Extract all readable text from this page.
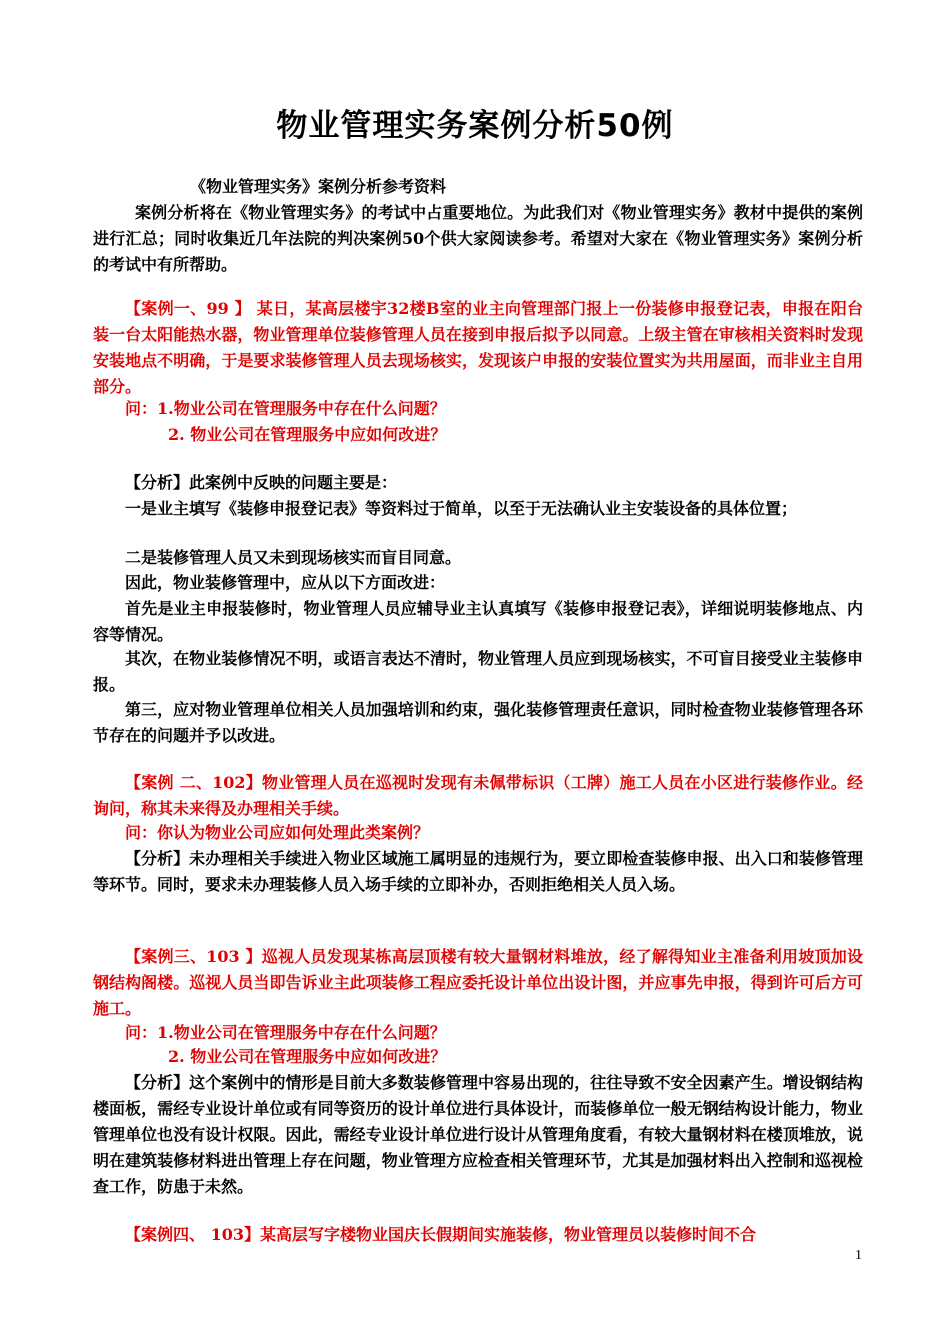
物业管理实务案例分析50例

《物业管理实务》案例分析参考资料

案例分析将在《物业管理实务》的考试中占重要地位。为此我们对《物业管理实务》教材中提供的案例进行汇总；同时收集近几年法院的判决案例50个供大家阅读参考。希望对大家在《物业管理实务》案例分析的考试中有所帮助。

【案例一、99 】 某日，某高层楼宇32楼B室的业主向管理部门报上一份装修申报登记表，申报在阳台装一台太阳能热水器，物业管理单位装修管理人员在接到申报后拟予以同意。上级主管在审核相关资料时发现安装地点不明确，于是要求装修管理人员去现场核实，发现该户申报的安装位置实为共用屋面，而非业主自用部分。

问：1.物业公司在管理服务中存在什么问题？

2. 物业公司在管理服务中应如何改进？

【分析】此案例中反映的问题主要是：

一是业主填写《装修申报登记表》等资料过于简单，以至于无法确认业主安装设备的具体位置；

二是装修管理人员又未到现场核实而盲目同意。

因此，物业装修管理中，应从以下方面改进：

首先是业主申报装修时，物业管理人员应辅导业主认真填写《装修申报登记表》，详细说明装修地点、内容等情况。

其次，在物业装修情况不明，或语言表达不清时，物业管理人员应到现场核实，不可盲目接受业主装修申报。

第三，应对物业管理单位相关人员加强培训和约束，强化装修管理责任意识，同时检查物业装修管理各环节存在的问题并予以改进。

【案例 二、102】物业管理人员在巡视时发现有未佩带标识（工牌）施工人员在小区进行装修作业。经询问，称其未来得及办理相关手续。

问：你认为物业公司应如何处理此类案例？

【分析】未办理相关手续进入物业区域施工属明显的违规行为，要立即检查装修申报、出入口和装修管理等环节。同时，要求未办理装修人员入场手续的立即补办，否则拒绝相关人员入场。

【案例三、103 】巡视人员发现某栋高层顶楼有较大量钢材料堆放，经了解得知业主准备利用坡顶加设钢结构阁楼。巡视人员当即告诉业主此项装修工程应委托设计单位出设计图，并应事先申报，得到许可后方可施工。

问：1.物业公司在管理服务中存在什么问题？

2. 物业公司在管理服务中应如何改进？

【分析】这个案例中的情形是目前大多数装修管理中容易出现的，往往导致不安全因素产生。增设钢结构楼面板，需经专业设计单位或有同等资历的设计单位进行具体设计，而装修单位一般无钢结构设计能力，物业管理单位也没有设计权限。因此，需经专业设计单位进行设计从管理角度看，有较大量钢材料在楼顶堆放，说明在建筑装修材料进出管理上存在问题，物业管理方应检查相关管理环节，尤其是加强材料出入控制和巡视检查工作，防患于未然。

【案例四、 103】某高层写字楼物业国庆长假期间实施装修，物业管理员以装修时间不合

1
